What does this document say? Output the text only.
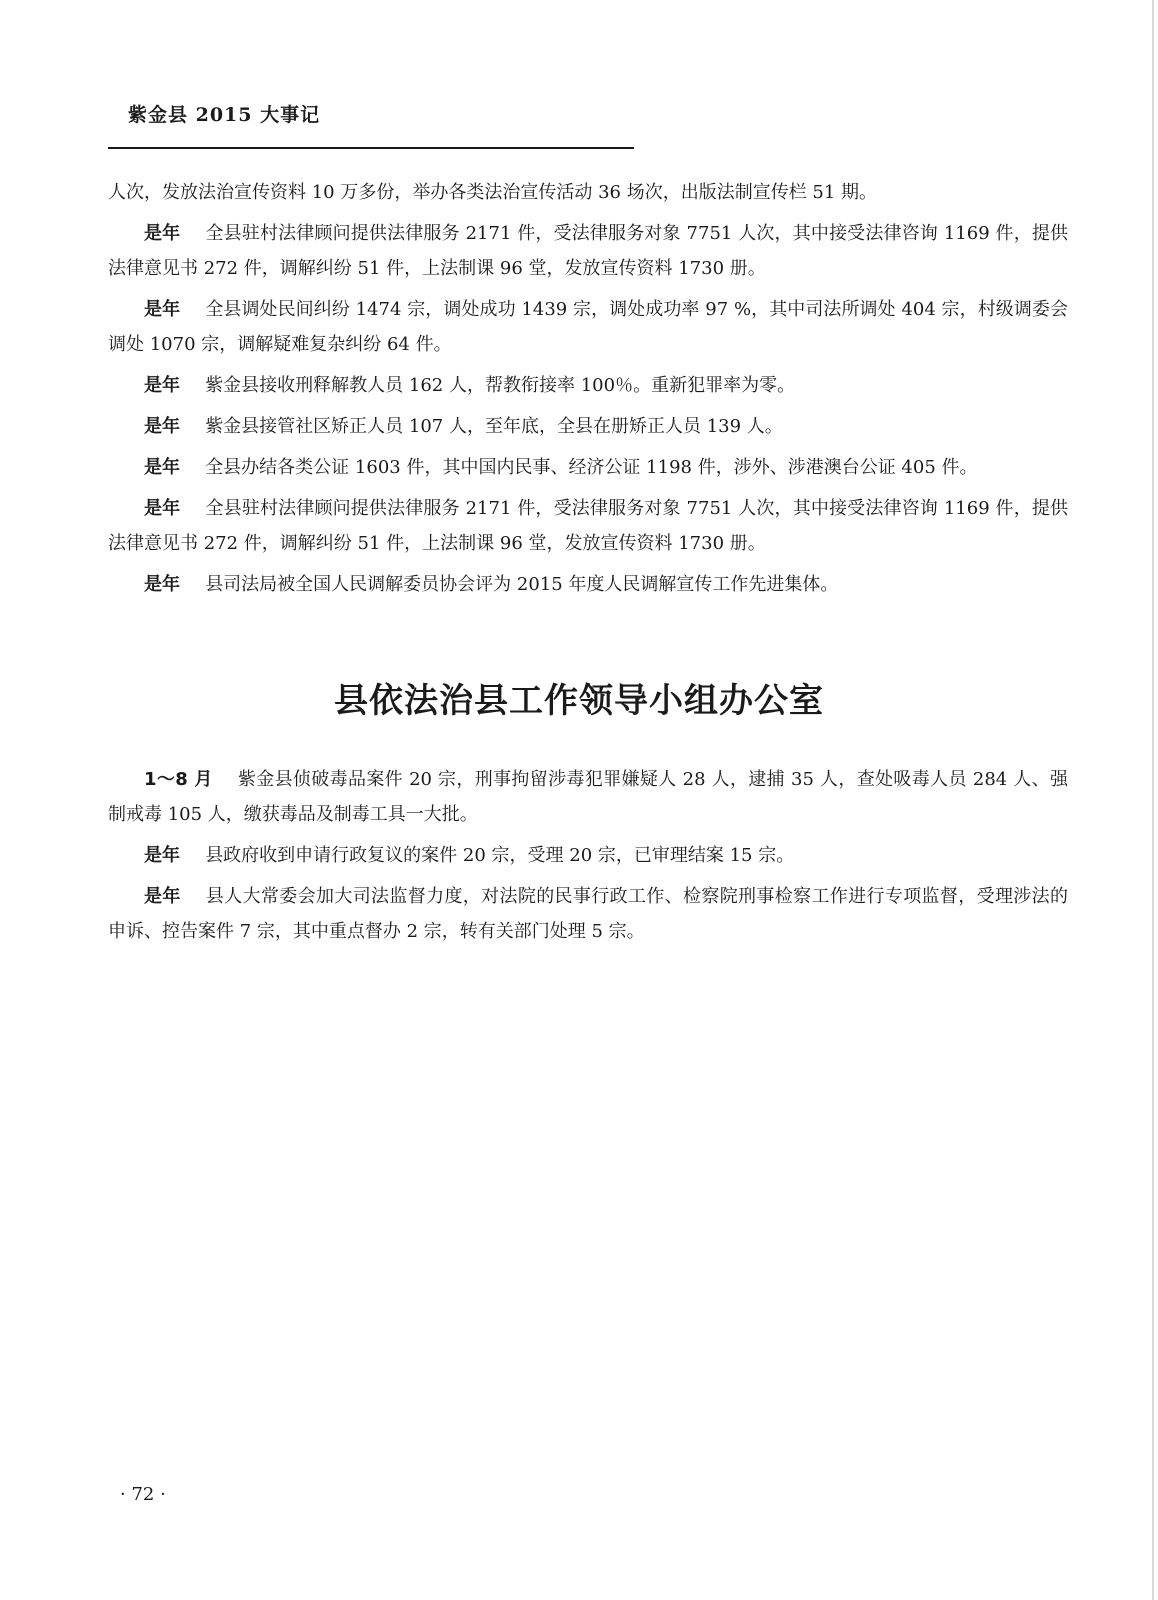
紫金县 2015 大事记

人次，发放法治宣传资料 10 万多份，举办各类法治宣传活动 36 场次，出版法制宣传栏 51 期。

是年 全县驻村法律顾问提供法律服务 2171 件，受法律服务对象 7751 人次，其中接受法律咨询 1169 件，提供法律意见书 272 件，调解纠纷 51 件，上法制课 96 堂，发放宣传资料 1730 册。

是年 全县调处民间纠纷 1474 宗，调处成功 1439 宗，调处成功率 97 %，其中司法所调处 404 宗，村级调委会调处 1070 宗，调解疑难复杂纠纷 64 件。

是年 紫金县接收刑释解教人员 162 人，帮教衔接率 100％。重新犯罪率为零。

是年 紫金县接管社区矫正人员 107 人，至年底，全县在册矫正人员 139 人。

是年 全县办结各类公证 1603 件，其中国内民事、经济公证 1198 件，涉外、涉港澳台公证 405 件。

是年 全县驻村法律顾问提供法律服务 2171 件，受法律服务对象 7751 人次，其中接受法律咨询 1169 件，提供法律意见书 272 件，调解纠纷 51 件，上法制课 96 堂，发放宣传资料 1730 册。

是年 县司法局被全国人民调解委员协会评为 2015 年度人民调解宣传工作先进集体。

县依法治县工作领导小组办公室

1～8 月 紫金县侦破毒品案件 20 宗，刑事拘留涉毒犯罪嫌疑人 28 人，逮捕 35 人，查处吸毒人员 284 人、强制戒毒 105 人，缴获毒品及制毒工具一大批。

是年 县政府收到申请行政复议的案件 20 宗，受理 20 宗，已审理结案 15 宗。

是年 县人大常委会加大司法监督力度，对法院的民事行政工作、检察院刑事检察工作进行专项监督，受理涉法的申诉、控告案件 7 宗，其中重点督办 2 宗，转有关部门处理 5 宗。

· 72 ·
